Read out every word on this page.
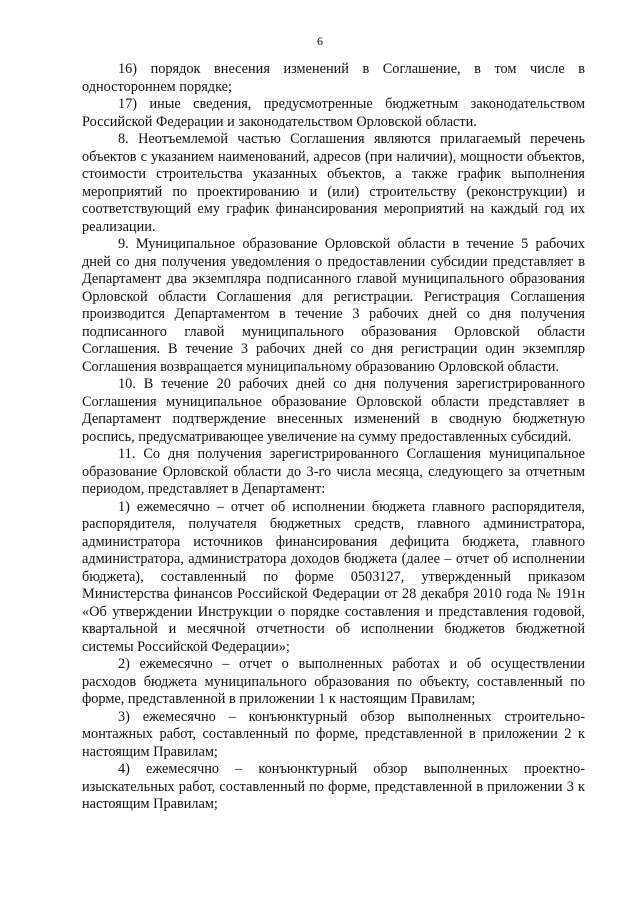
6

16) порядок внесения изменений в Соглашение, в том числе в одностороннем порядке;

17) иные сведения, предусмотренные бюджетным законодательством Российской Федерации и законодательством Орловской области.

8. Неотъемлемой частью Соглашения являются прилагаемый перечень объектов с указанием наименований, адресов (при наличии), мощности объектов, стоимости строительства указанных объектов, а также график выполнения мероприятий по проектированию и (или) строительству (реконструкции) и соответствующий ему график финансирования мероприятий на каждый год их реализации.

9. Муниципальное образование Орловской области в течение 5 рабочих дней со дня получения уведомления о предоставлении субсидии представляет в Департамент два экземпляра подписанного главой муниципального образования Орловской области Соглашения для регистрации. Регистрация Соглашения производится Департаментом в течение 3 рабочих дней со дня получения подписанного главой муниципального образования Орловской области Соглашения. В течение 3 рабочих дней со дня регистрации один экземпляр Соглашения возвращается муниципальному образованию Орловской области.

10. В течение 20 рабочих дней со дня получения зарегистрированного Соглашения муниципальное образование Орловской области представляет в Департамент подтверждение внесенных изменений в сводную бюджетную роспись, предусматривающее увеличение на сумму предоставленных субсидий.

11. Со дня получения зарегистрированного Соглашения муниципальное образование Орловской области до 3-го числа месяца, следующего за отчетным периодом, представляет в Департамент:

1) ежемесячно – отчет об исполнении бюджета главного распорядителя, распорядителя, получателя бюджетных средств, главного администратора, администратора источников финансирования дефицита бюджета, главного администратора, администратора доходов бюджета (далее – отчет об исполнении бюджета), составленный по форме 0503127, утвержденный приказом Министерства финансов Российской Федерации от 28 декабря 2010 года № 191н «Об утверждении Инструкции о порядке составления и представления годовой, квартальной и месячной отчетности об исполнении бюджетов бюджетной системы Российской Федерации»;

2) ежемесячно – отчет о выполненных работах и об осуществлении расходов бюджета муниципального образования по объекту, составленный по форме, представленной в приложении 1 к настоящим Правилам;

3) ежемесячно – конъюнктурный обзор выполненных строительно-монтажных работ, составленный по форме, представленной в приложении 2 к настоящим Правилам;

4) ежемесячно – конъюнктурный обзор выполненных проектно-изыскательных работ, составленный по форме, представленной в приложении 3 к настоящим Правилам;
